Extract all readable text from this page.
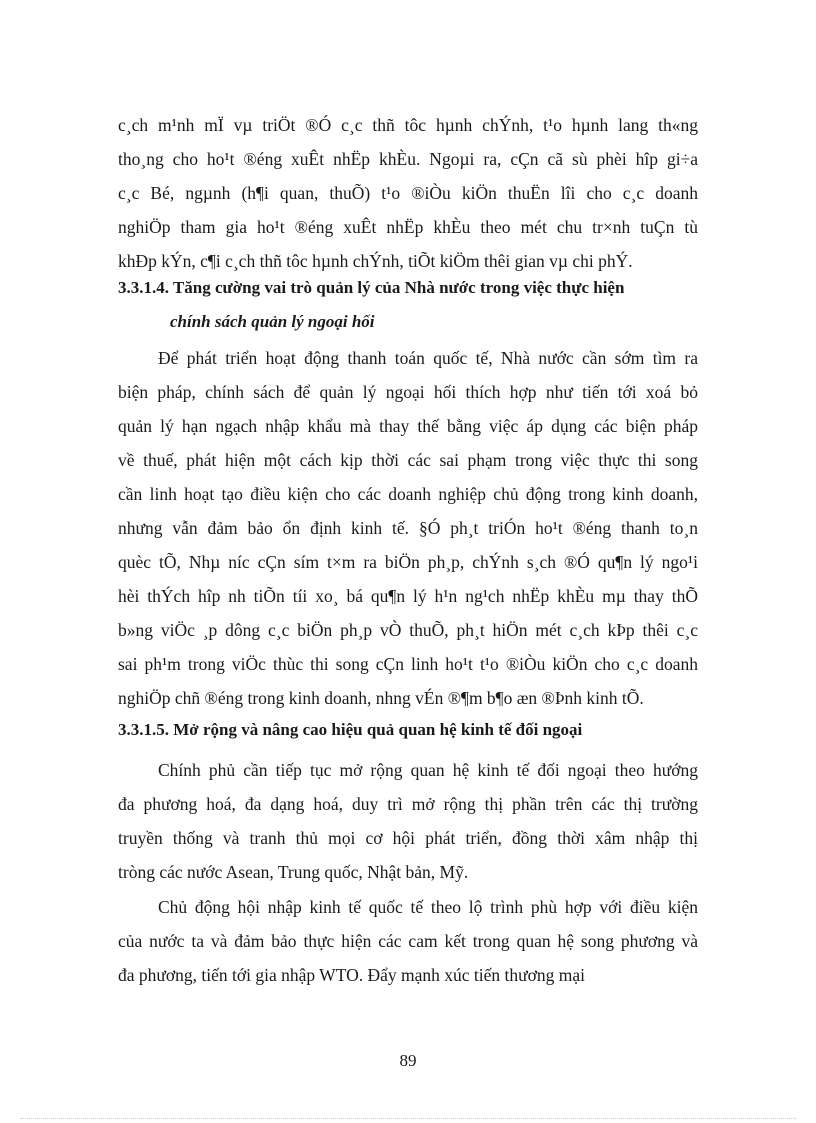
c¸ch m¹nh mÏ vµ triÖt ®Ó c¸c thñ tôc hµnh chÝnh, t¹o hµnh lang th«ng
tho¸ng cho ho¹t ®éng xuÊt nhËp khÈu. Ngoµi ra, cÇn cã sù phèi hîp gi÷a
c¸c Bé, ngµnh (h¶i quan, thuÕ) t¹o ®iÒu kiÖn thuËn lîi cho c¸c doanh
nghiÖp tham gia ho¹t ®éng xuÊt nhËp khÈu theo mét chu tr×nh tuÇn tù
khÐp kÝn, c¶i c¸ch thñ tôc hµnh chÝnh, tiÕt kiÖm thêi gian vµ chi phÝ.
3.3.1.4. Tăng cường vai trò quản lý của Nhà nước trong việc thực hiện
chính sách quản lý ngoại hối
Để phát triển hoạt động thanh toán quốc tế, Nhà nước cần sớm tìm ra
biện pháp, chính sách để quản lý ngoại hối thích hợp như tiến tới xoá bỏ
quản lý hạn ngạch nhập khẩu mà thay thế bằng việc áp dụng các biện pháp
về thuế, phát hiện một cách kịp thời các sai phạm trong việc thực thi song
cần linh hoạt tạo điều kiện cho các doanh nghiệp chủ động trong kinh doanh,
nhưng vẫn đảm bảo ổn định kinh tế. §Ó ph¸t triÓn ho¹t ®éng thanh to¸n
quèc tÕ, Nhµ níc cÇn sím t×m ra biÖn ph¸p, chÝnh s¸ch ®Ó qu¶n lý ngo¹i
hèi thÝch hîp nh tiÕn tíi xo¸ bá qu¶n lý h¹n ng¹ch nhËp khÈu mµ thay thÕ
b»ng viÖc ¸p dông c¸c biÖn ph¸p vÒ thuÕ, ph¸t hiÖn mét c¸ch kÞp thêi c¸c
sai ph¹m trong viÖc thùc thi song cÇn linh ho¹t t¹o ®iÒu kiÖn cho c¸c doanh
nghiÖp chñ ®éng trong kinh doanh, nhng vÉn ®¶m b¶o æn ®Þnh kinh tÕ.
3.3.1.5. Mở rộng và nâng cao hiệu quả quan hệ kinh tế đối ngoại
Chính phủ cần tiếp tục mở rộng quan hệ kinh tế đối ngoại theo hướng
đa phương hoá, đa dạng hoá, duy trì mở rộng thị phần trên các thị trường
truyền thống và tranh thủ mọi cơ hội phát triển, đồng thời xâm nhập thị
tròng các nước Asean, Trung quốc, Nhật bản, Mỹ.
Chủ động hội nhập kinh tế quốc tế theo lộ trình phù hợp với điều kiện
của nước ta và đảm bảo thực hiện các cam kết trong quan hệ song phương và
đa phương, tiến tới gia nhập WTO. Đẩy mạnh xúc tiến thương mại
89
